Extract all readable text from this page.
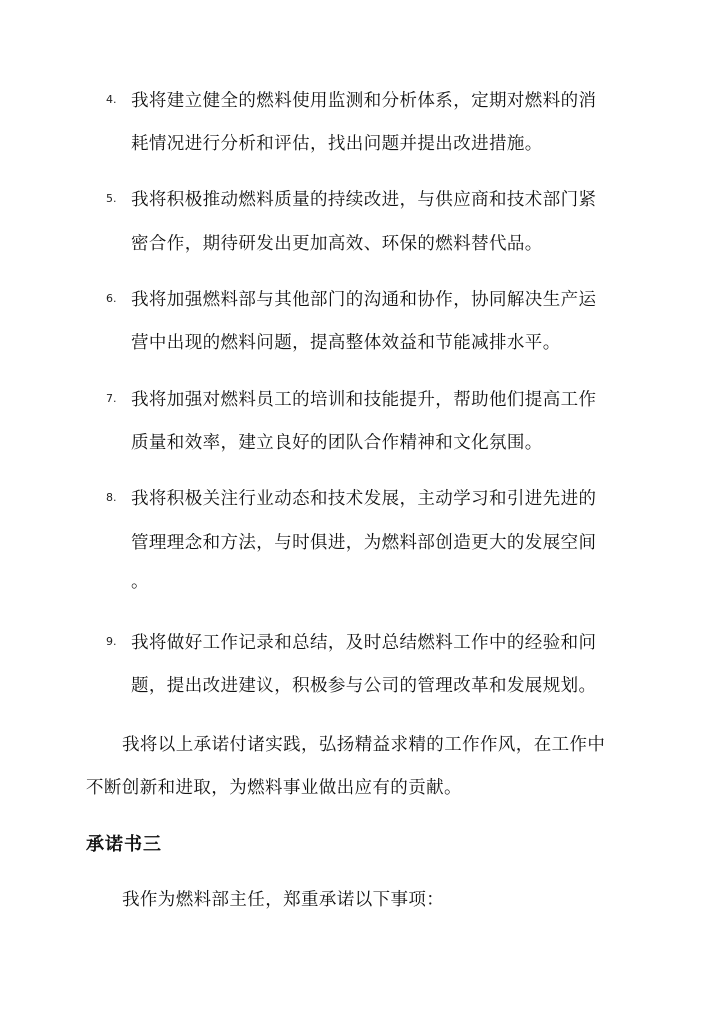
4. 我将建立健全的燃料使用监测和分析体系，定期对燃料的消
耗情况进行分析和评估，找出问题并提出改进措施。
5. 我将积极推动燃料质量的持续改进，与供应商和技术部门紧
密合作，期待研发出更加高效、环保的燃料替代品。
6. 我将加强燃料部与其他部门的沟通和协作，协同解决生产运
营中出现的燃料问题，提高整体效益和节能减排水平。
7. 我将加强对燃料员工的培训和技能提升，帮助他们提高工作
质量和效率，建立良好的团队合作精神和文化氛围。
8. 我将积极关注行业动态和技术发展，主动学习和引进先进的
管理理念和方法，与时俱进，为燃料部创造更大的发展空间
。
9. 我将做好工作记录和总结，及时总结燃料工作中的经验和问
题，提出改进建议，积极参与公司的管理改革和发展规划。
我将以上承诺付诸实践，弘扬精益求精的工作作风，在工作中
不断创新和进取，为燃料事业做出应有的贡献。
承诺书三
我作为燃料部主任，郑重承诺以下事项：
